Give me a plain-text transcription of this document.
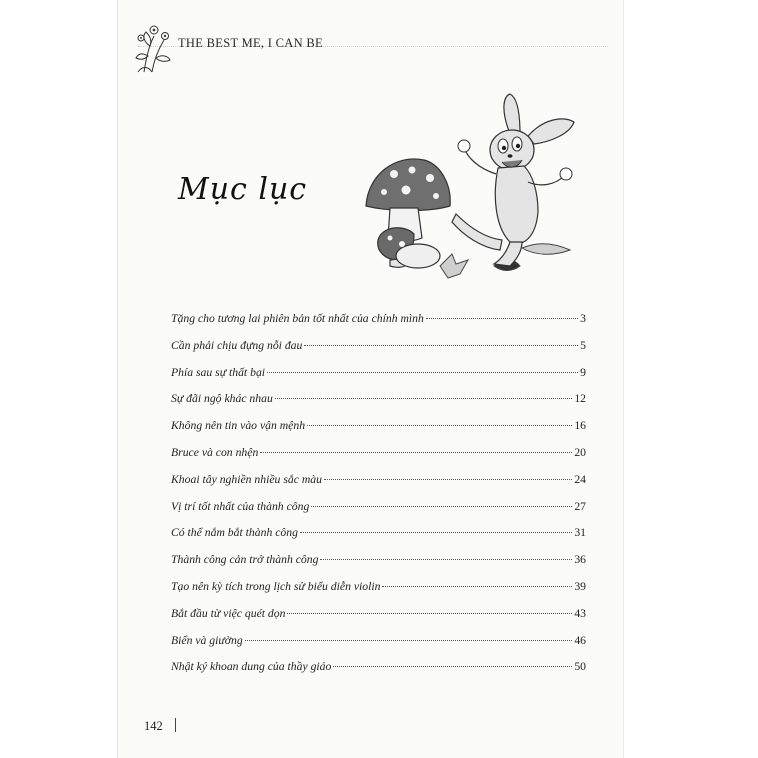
THE BEST ME, I CAN BE
Mục lục
Tặng cho tương lai phiên bản tốt nhất của chính mình	3
Cần phải chịu đựng nỗi đau	5
Phía sau sự thất bại	9
Sự đãi ngộ khác nhau	12
Không nên tin vào vận mệnh	16
Bruce và con nhện	20
Khoai tây nghiền nhiều sắc màu	24
Vị trí tốt nhất của thành công	27
Có thể nắm bắt thành công	31
Thành công cản trở thành công	36
Tạo nên kỳ tích trong lịch sử biểu diễn violin	39
Bắt đầu từ việc quét dọn	43
Biển và giường	46
Nhật ký khoan dung của thầy giáo	50
142
